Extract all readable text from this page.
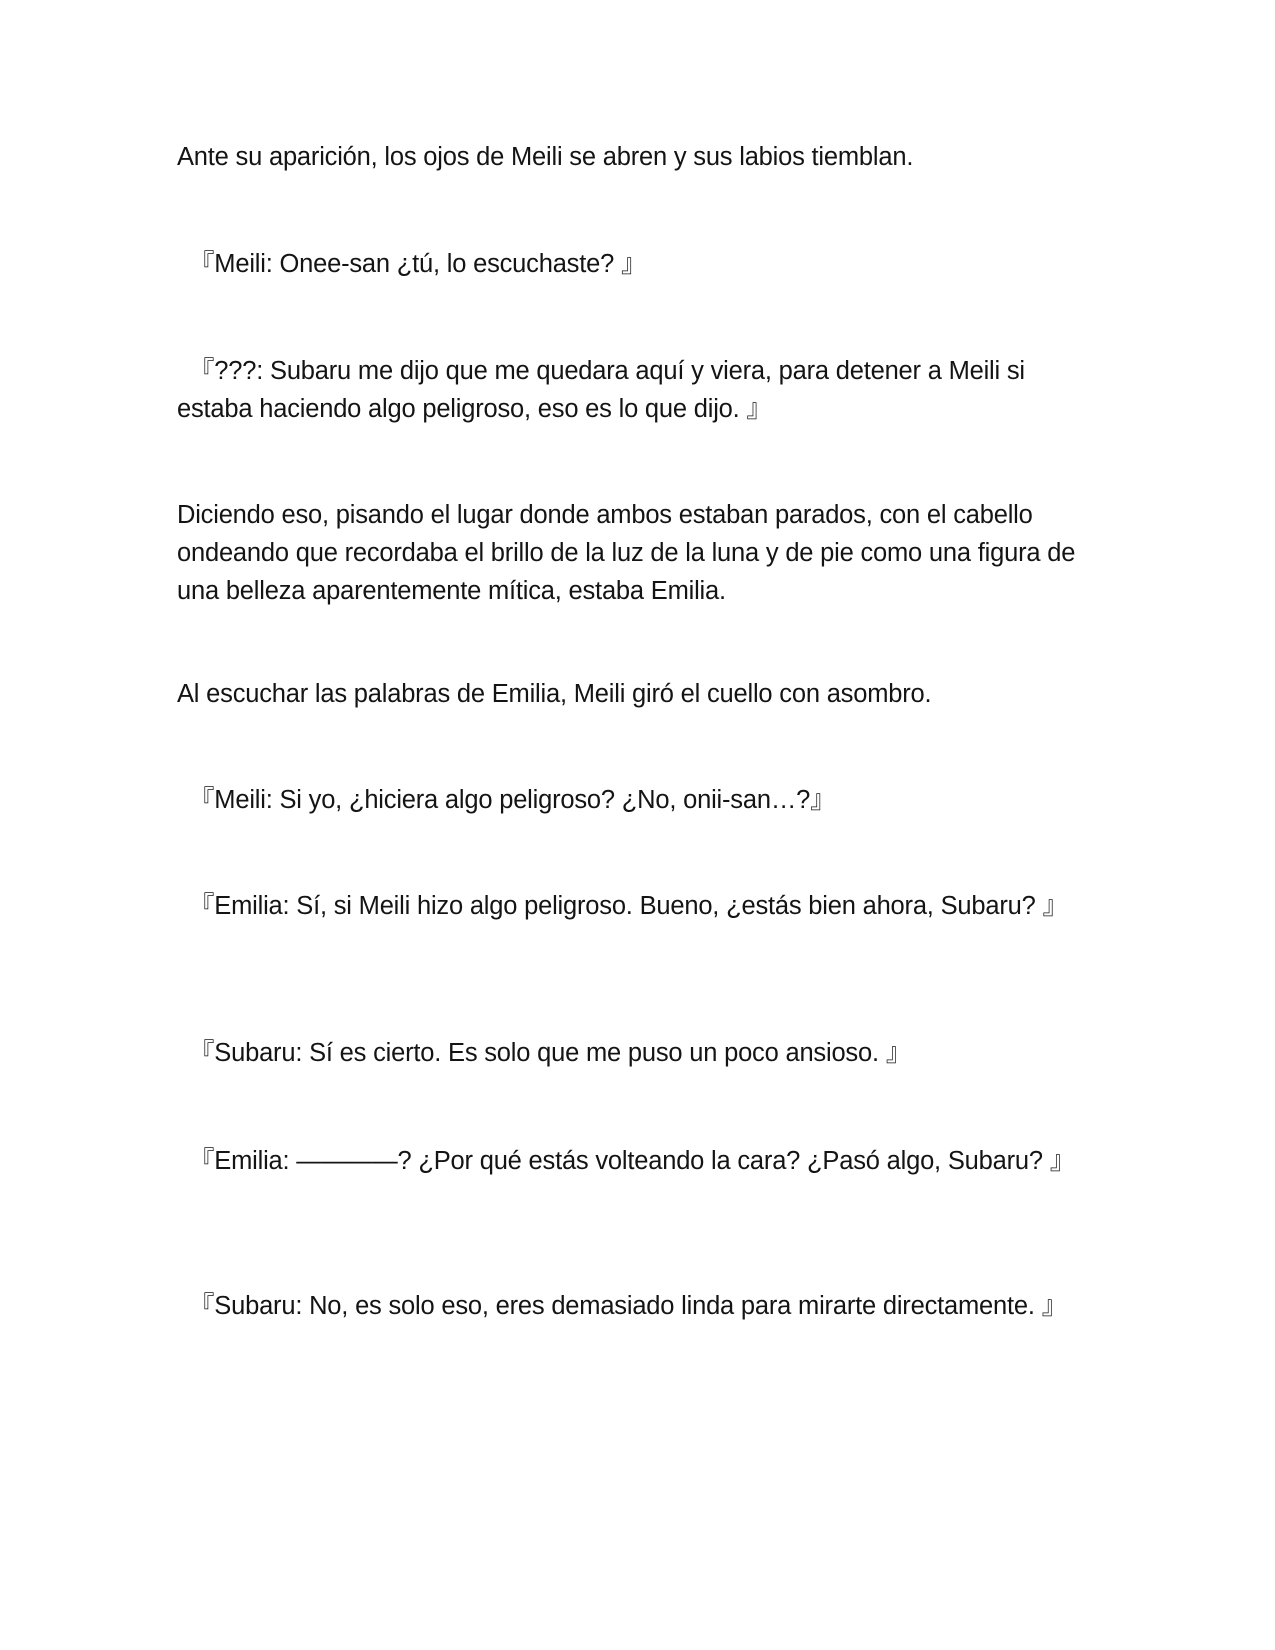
Ante su aparición, los ojos de Meili se abren y sus labios tiemblan.

『Meili: Onee-san ¿tú, lo escuchaste? 』

『???: Subaru me dijo que me quedara aquí y viera, para detener a Meili si estaba haciendo algo peligroso, eso es lo que dijo. 』

Diciendo eso, pisando el lugar donde ambos estaban parados, con el cabello ondeando que recordaba el brillo de la luz de la luna y de pie como una figura de una belleza aparentemente mítica, estaba Emilia.

Al escuchar las palabras de Emilia, Meili giró el cuello con asombro.

『Meili: Si yo, ¿hiciera algo peligroso? ¿No, onii-san…?』

『Emilia: Sí, si Meili hizo algo peligroso. Bueno, ¿estás bien ahora, Subaru? 』

『Subaru: Sí es cierto. Es solo que me puso un poco ansioso. 』

『Emilia: ————? ¿Por qué estás volteando la cara? ¿Pasó algo, Subaru? 』

『Subaru: No, es solo eso, eres demasiado linda para mirarte directamente. 』
